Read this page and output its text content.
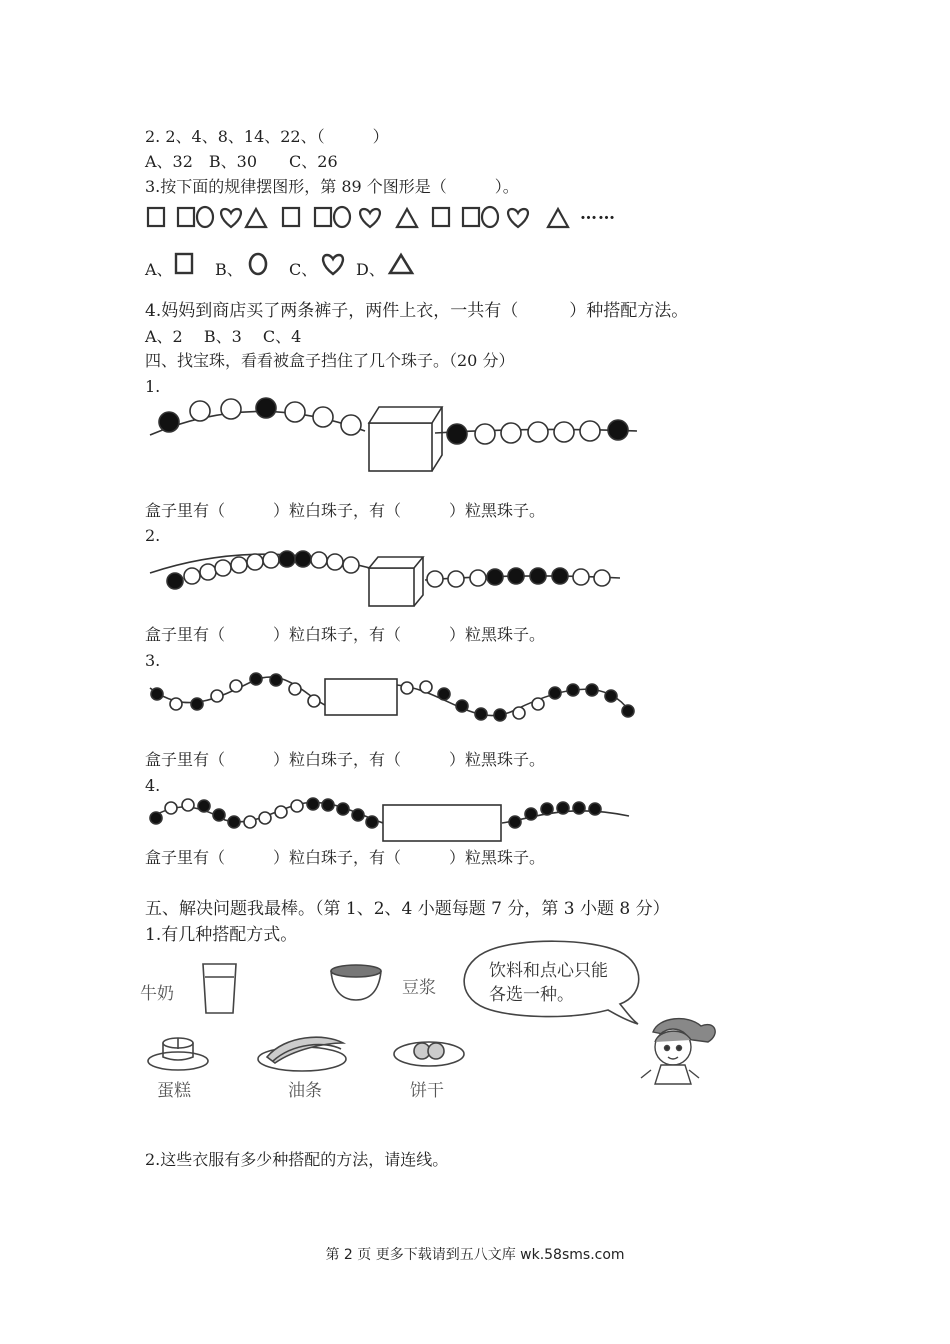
2. 2、4、8、14、22、（　　　）
A、32　B、30　　C、26
3.按下面的规律摆图形，第 89 个图形是（　　　）。
……
A、	B、	C、 D、
4.妈妈到商店买了两条裤子，两件上衣，一共有（　　　）种搭配方法。
A、2　 B、3　 C、4
四、找宝珠，看看被盒子挡住了几个珠子。（20 分）
1.
盒子里有（　　　）粒白珠子，有（　　　）粒黑珠子。
2.
盒子里有（　　　）粒白珠子，有（　　　）粒黑珠子。
3.
盒子里有（　　　）粒白珠子，有（　　　）粒黑珠子。
4.
盒子里有（　　　）粒白珠子，有（　　　）粒黑珠子。
五、解决问题我最棒。（第 1、2、4 小题每题 7 分，第 3 小题 8 分）
1.有几种搭配方式。
牛奶	豆浆
饮料和点心只能
各选一种。
蛋糕	油条	饼干
2.这些衣服有多少种搭配的方法，请连线。
第 2 页 更多下载请到五八文库 wk.58sms.com
